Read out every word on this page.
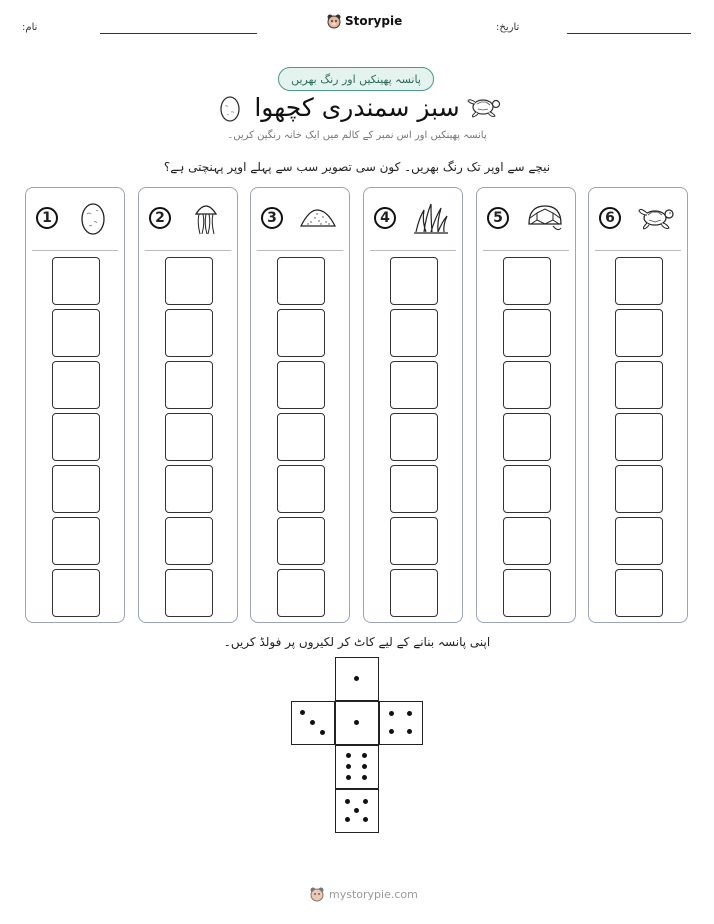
:نام	Storypie	:تاریخ
پانسہ پھینکیں اور رنگ بھریں
سبز سمندری کچھوا
پانسہ پھینکیں اور اس نمبر کے کالم میں ایک خانہ رنگین کریں۔
نیچے سے اوپر تک رنگ بھریں۔ کون سی تصویر سب سے پہلے اوپر پہنچتی ہے؟
1	2	3	4	5	6
اپنی پانسہ بنانے کے لیے کاٹ کر لکیروں پر فولڈ کریں۔
mystorypie.com
